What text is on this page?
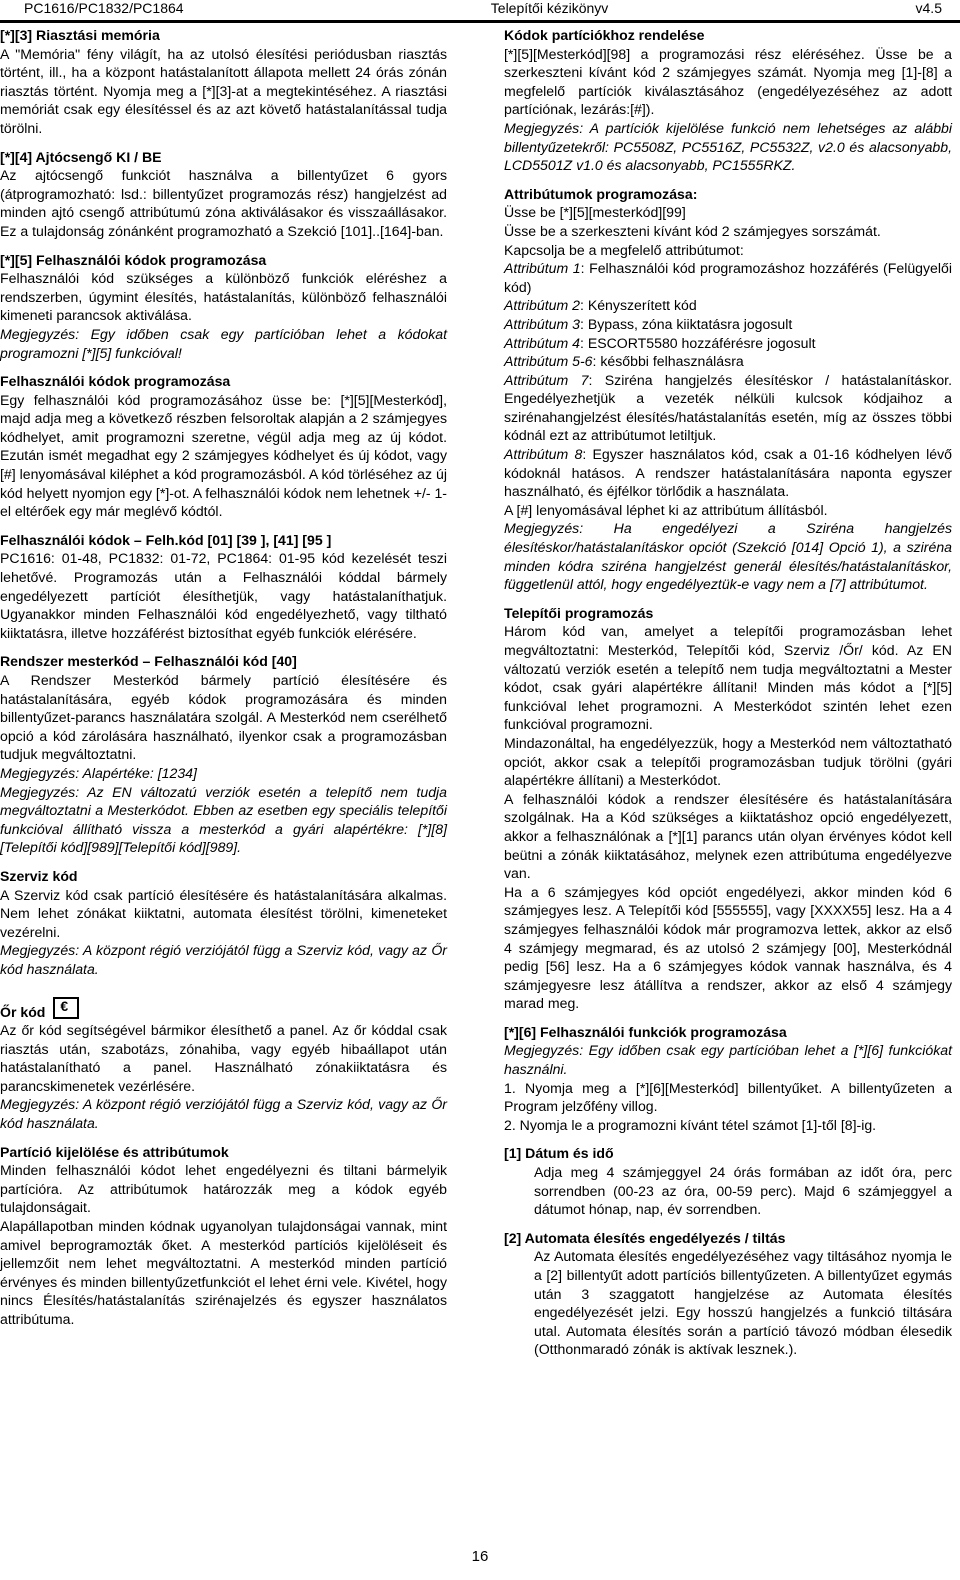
PC1616/PC1832/PC1864	Telepítői kézikönyv	v4.5

[*][3] Riasztási memória

A "Memória" fény világít, ha az utolsó élesítési periódusban riasztás történt, ill., ha a központ hatástalanított állapota mellett 24 órás zónán riasztás történt. Nyomja meg a [*][3]-at a megtekintéséhez. A riasztási memóriát csak egy élesítéssel és az azt követő hatástalanítással tudja törölni.

[*][4] Ajtócsengő KI / BE

Az ajtócsengő funkciót használva a billentyűzet 6 gyors (átprogramozható: lsd.: billentyűzet programozás rész) hangjelzést ad minden ajtó csengő attribútumú zóna aktiválásakor és visszaállásakor. Ez a tulajdonság zónánként programozható a Szekció [101]..[164]-ban.

[*][5] Felhasználói kódok programozása

Felhasználói kód szükséges a különböző funkciók eléréshez a rendszerben, úgymint élesítés, hatástalanítás, különböző felhasználói kimeneti parancsok aktiválása.

Megjegyzés: Egy időben csak egy partícióban lehet a kódokat programozni [*][5] funkcióval!

Felhasználói kódok programozása

Egy felhasználói kód programozásához üsse be: [*][5][Mesterkód], majd adja meg a következő részben felsoroltak alapján a 2 számjegyes kódhelyet, amit programozni szeretne, végül adja meg az új kódot. Ezután ismét megadhat egy 2 számjegyes kódhelyet és új kódot, vagy [#] lenyomásával kiléphet a kód programozásból. A kód törléséhez az új kód helyett nyomjon egy [*]-ot. A felhasználói kódok nem lehetnek +/- 1-el eltérőek egy már meglévő kódtól.

Felhasználói kódok – Felh.kód [01] [39 ], [41] [95 ]

PC1616: 01-48, PC1832: 01-72, PC1864: 01-95 kód kezelését teszi lehetővé. Programozás után a Felhasználói kóddal bármely engedélyezett partíciót élesíthetjük, vagy hatástalaníthatjuk. Ugyanakkor minden Felhasználói kód engedélyezhető, vagy tiltható kiiktatásra, illetve hozzáférést biztosíthat egyéb funkciók elérésére.

Rendszer mesterkód – Felhasználói kód [40]

A Rendszer Mesterkód bármely partíció élesítésére és hatástalanítására, egyéb kódok programozására és minden billentyűzet-parancs használatára szolgál. A Mesterkód nem cserélhető opció a kód zárolására használható, ilyenkor csak a programozásban tudjuk megváltoztatni.

Megjegyzés: Alapértéke: [1234]

Megjegyzés: Az EN változatú verziók esetén a telepítő nem tudja megváltoztatni a Mesterkódot. Ebben az esetben egy speciális telepítői funkcióval állítható vissza a mesterkód a gyári alapértékre: [*][8][Telepítői kód][989][Telepítői kód][989].

Szerviz kód

A Szerviz kód csak partíció élesítésére és hatástalanítására alkalmas. Nem lehet zónákat kiiktatni, automata élesítést törölni, kimeneteket vezérelni.

Megjegyzés: A központ régió verziójától függ a Szerviz kód, vagy az Őr kód használata.

Őr kód€

Az őr kód segítségével bármikor élesíthető a panel. Az őr kóddal csak riasztás után, szabotázs, zónahiba, vagy egyéb hibaállapot után hatástalanítható a panel. Használható zónakiiktatásra és parancskimenetek vezérlésére.

Megjegyzés: A központ régió verziójától függ a Szerviz kód, vagy az Őr kód használata.

Partíció kijelölése és attribútumok

Minden felhasználói kódot lehet engedélyezni és tiltani bármelyik partícióra. Az attribútumok határozzák meg a kódok egyéb tulajdonságait.

Alapállapotban minden kódnak ugyanolyan tulajdonságai vannak, mint amivel beprogramozták őket. A mesterkód partíciós kijelöléseit és jellemzőit nem lehet megváltoztatni. A mesterkód minden partíció érvényes és minden billentyűzetfunkciót el lehet érni vele. Kivétel, hogy nincs Élesítés/hatástalanítás szirénajelzés és egyszer használatos attribútuma.

Kódok partíciókhoz rendelése

[*][5][Mesterkód][98] a programozási rész eléréséhez. Üsse be a szerkeszteni kívánt kód 2 számjegyes számát. Nyomja meg [1]-[8] a megfelelő partíciók kiválasztásához (engedélyezéséhez az adott partíciónak, lezárás:[#]).

Megjegyzés: A partíciók kijelölése funkció nem lehetséges az alábbi billentyűzetekről: PC5508Z, PC5516Z, PC5532Z, v2.0 és alacsonyabb, LCD5501Z v1.0 és alacsonyabb, PC1555RKZ.

Attribútumok programozása:

Üsse be [*][5][mesterkód][99]

Üsse be a szerkeszteni kívánt kód 2 számjegyes sorszámát.

Kapcsolja be a megfelelő attribútumot:

Attribútum 1: Felhasználói kód programozáshoz hozzáférés (Felügyelői kód)

Attribútum 2: Kényszerített kód

Attribútum 3: Bypass, zóna kiiktatásra jogosult

Attribútum 4: ESCORT5580 hozzáférésre jogosult

Attribútum 5-6: későbbi felhasználásra

Attribútum 7: Sziréna hangjelzés élesítéskor / hatástalanításkor. Engedélyezhetjük a vezeték nélküli kulcsok kódjaihoz a szirénahangjelzést élesítés/hatástalanítás esetén, míg az összes többi kódnál ezt az attribútumot letiltjuk.

Attribútum 8: Egyszer használatos kód, csak a 01-16 kódhelyen lévő kódoknál hatásos. A rendszer hatástalanítására naponta egyszer használható, és éjfélkor törlődik a használata.

A [#] lenyomásával léphet ki az attribútum állításból.

Megjegyzés: Ha engedélyezi a Sziréna hangjelzés élesítéskor/hatástalanításkor opciót (Szekció [014] Opció 1), a sziréna minden kódra sziréna hangjelzést generál élesítés/hatástalanításkor, függetlenül attól, hogy engedélyeztük-e vagy nem a [7] attribútumot.

Telepítői programozás

Három kód van, amelyet a telepítői programozásban lehet megváltoztatni: Mesterkód, Telepítői kód, Szerviz /Őr/ kód. Az EN változatú verziók esetén a telepítő nem tudja megváltoztatni a Mester kódot, csak gyári alapértékre állítani! Minden más kódot a [*][5] funkcióval lehet programozni. A Mesterkódot szintén lehet ezen funkcióval programozni.

Mindazonáltal, ha engedélyezzük, hogy a Mesterkód nem változtatható opciót, akkor csak a telepítői programozásban tudjuk törölni (gyári alapértékre állítani) a Mesterkódot.

A felhasználói kódok a rendszer élesítésére és hatástalanítására szolgálnak. Ha a Kód szükséges a kiiktatáshoz opció engedélyezett, akkor a felhasználónak a [*][1] parancs után olyan érvényes kódot kell beütni a zónák kiiktatásához, melynek ezen attribútuma engedélyezve van.

Ha a 6 számjegyes kód opciót engedélyezi, akkor minden kód 6 számjegyes lesz. A Telepítői kód [555555], vagy [XXXX55] lesz. Ha a 4 számjegyes felhasználói kódok már programozva lettek, akkor az első 4 számjegy megmarad, és az utolsó 2 számjegy [00], Mesterkódnál pedig [56] lesz. Ha a 6 számjegyes kódok vannak használva, és 4 számjegyesre lesz átállítva a rendszer, akkor az első 4 számjegy marad meg.

[*][6] Felhasználói funkciók programozása

Megjegyzés: Egy időben csak egy partícióban lehet a [*][6] funkciókat használni.

1. Nyomja meg a [*][6][Mesterkód] billentyűket. A billentyűzeten a Program jelzőfény villog.

2. Nyomja le a programozni kívánt tétel számot [1]-től [8]-ig.

[1] Dátum és idő

Adja meg 4 számjeggyel 24 órás formában az időt óra, perc sorrendben (00-23 az óra, 00-59 perc). Majd 6 számjeggyel a dátumot hónap, nap, év sorrendben.

[2] Automata élesítés engedélyezés / tiltás

Az Automata élesítés engedélyezéséhez vagy tiltásához nyomja le a [2] billentyűt adott partíciós billentyűzeten. A billentyűzet egymás után 3 szaggatott hangjelzése az Automata élesítés engedélyezését jelzi. Egy hosszú hangjelzés a funkció tiltására utal. Automata élesítés során a partíció távozó módban élesedik (Otthonmaradó zónák is aktívak lesznek.).

16
